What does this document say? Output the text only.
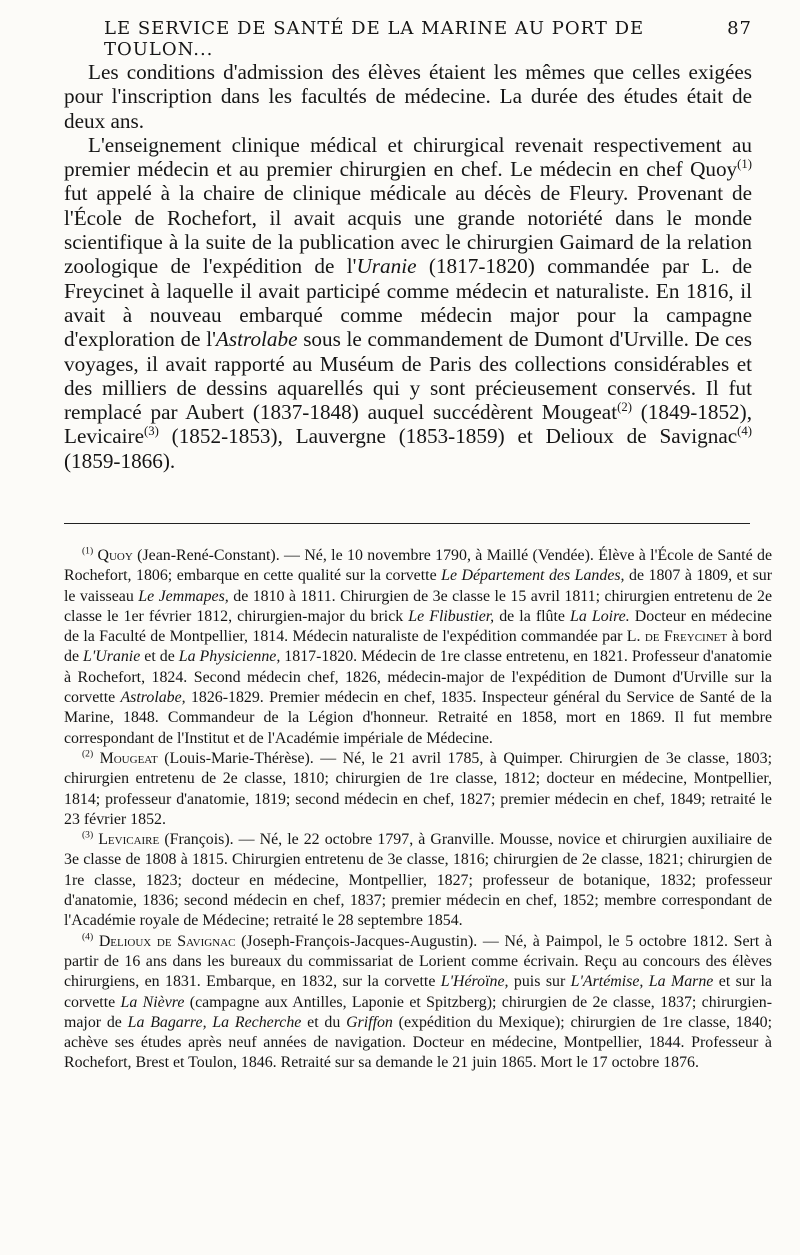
LE SERVICE DE SANTÉ DE LA MARINE AU PORT DE TOULON...
87

Les conditions d'admission des élèves étaient les mêmes que celles exigées pour l'inscription dans les facultés de médecine. La durée des études était de deux ans.

L'enseignement clinique médical et chirurgical revenait respectivement au premier médecin et au premier chirurgien en chef. Le médecin en chef Quoy$^{(1)}$ fut appelé à la chaire de clinique médicale au décès de Fleury. Provenant de l'École de Rochefort, il avait acquis une grande notoriété dans le monde scientifique à la suite de la publication avec le chirurgien Gaimard de la relation zoologique de l'expédition de l'Uranie (1817-1820) commandée par L. de Freycinet à laquelle il avait participé comme médecin et naturaliste. En 1816, il avait à nouveau embarqué comme médecin major pour la campagne d'exploration de l'Astrolabe sous le commandement de Dumont d'Urville. De ces voyages, il avait rapporté au Muséum de Paris des collections considérables et des milliers de dessins aquarellés qui y sont précieusement conservés. Il fut remplacé par Aubert (1837-1848) auquel succédèrent Mougeat$^{(2)}$ (1849-1852), Levicaire$^{(3)}$ (1852-1853), Lauvergne (1853-1859) et Delioux de Savignac$^{(4)}$ (1859-1866).

$^{(1)}$ Quoy (Jean-René-Constant). — Né, le 10 novembre 1790, à Maillé (Vendée). Élève à l'École de Santé de Rochefort, 1806; embarque en cette qualité sur la corvette Le Département des Landes, de 1807 à 1809, et sur le vaisseau Le Jemmapes, de 1810 à 1811. Chirurgien de 3e classe le 15 avril 1811; chirurgien entretenu de 2e classe le 1er février 1812, chirurgien-major du brick Le Flibustier, de la flûte La Loire. Docteur en médecine de la Faculté de Montpellier, 1814. Médecin naturaliste de l'expédition commandée par L. de Freycinet à bord de L'Uranie et de La Physicienne, 1817-1820. Médecin de 1re classe entretenu, en 1821. Professeur d'anatomie à Rochefort, 1824. Second médecin chef, 1826, médecin-major de l'expédition de Dumont d'Urville sur la corvette Astrolabe, 1826-1829. Premier médecin en chef, 1835. Inspecteur général du Service de Santé de la Marine, 1848. Commandeur de la Légion d'honneur. Retraité en 1858, mort en 1869. Il fut membre correspondant de l'Institut et de l'Académie impériale de Médecine.

$^{(2)}$ Mougeat (Louis-Marie-Thérèse). — Né, le 21 avril 1785, à Quimper. Chirurgien de 3e classe, 1803; chirurgien entretenu de 2e classe, 1810; chirurgien de 1re classe, 1812; docteur en médecine, Montpellier, 1814; professeur d'anatomie, 1819; second médecin en chef, 1827; premier médecin en chef, 1849; retraité le 23 février 1852.

$^{(3)}$ Levicaire (François). — Né, le 22 octobre 1797, à Granville. Mousse, novice et chirurgien auxiliaire de 3e classe de 1808 à 1815. Chirurgien entretenu de 3e classe, 1816; chirurgien de 2e classe, 1821; chirurgien de 1re classe, 1823; docteur en médecine, Montpellier, 1827; professeur de botanique, 1832; professeur d'anatomie, 1836; second médecin en chef, 1837; premier médecin en chef, 1852; membre correspondant de l'Académie royale de Médecine; retraité le 28 septembre 1854.

$^{(4)}$ Delioux de Savignac (Joseph-François-Jacques-Augustin). — Né, à Paimpol, le 5 octobre 1812. Sert à partir de 16 ans dans les bureaux du commissariat de Lorient comme écrivain. Reçu au concours des élèves chirurgiens, en 1831. Embarque, en 1832, sur la corvette L'Héroïne, puis sur L'Artémise, La Marne et sur la corvette La Nièvre (campagne aux Antilles, Laponie et Spitzberg); chirurgien de 2e classe, 1837; chirurgien-major de La Bagarre, La Recherche et du Griffon (expédition du Mexique); chirurgien de 1re classe, 1840; achève ses études après neuf années de navigation. Docteur en médecine, Montpellier, 1844. Professeur à Rochefort, Brest et Toulon, 1846. Retraité sur sa demande le 21 juin 1865. Mort le 17 octobre 1876.
